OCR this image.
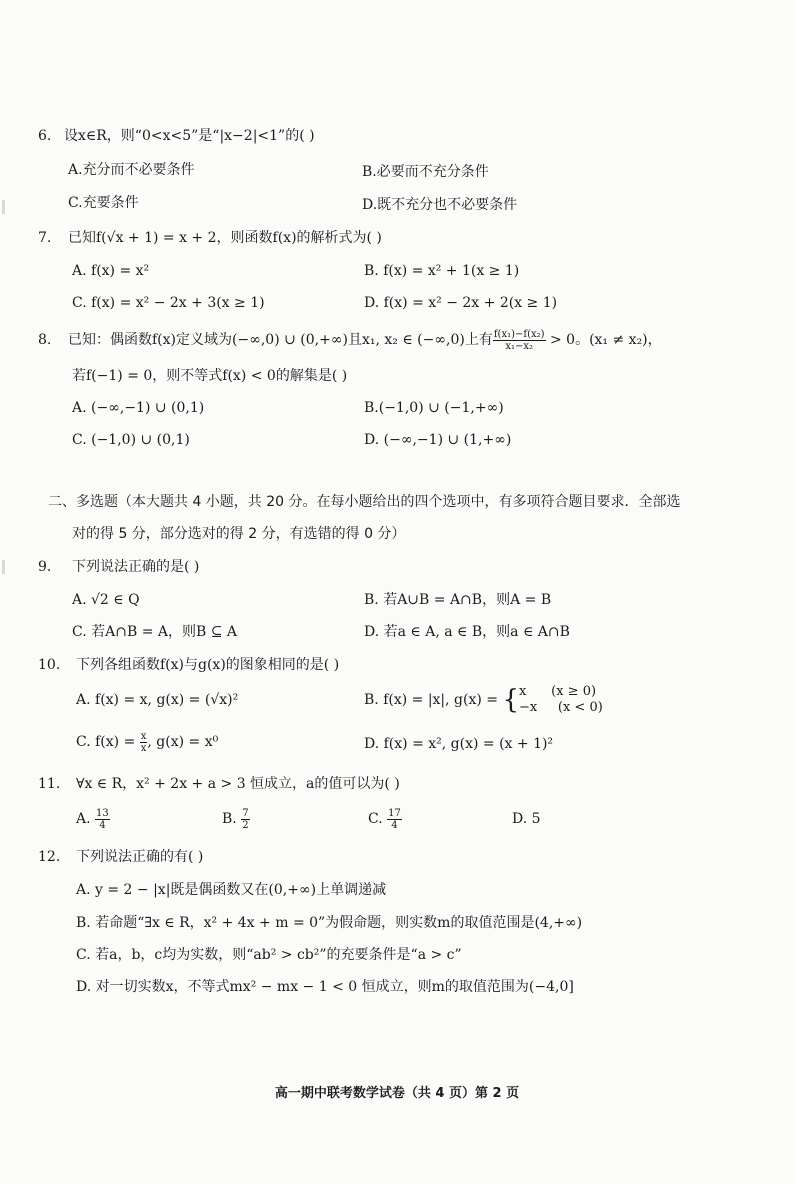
6. 设x∈R，则“0<x<5”是“|x−2|<1”的( )
A.充分而不必要条件	B.必要而不充分条件
C.充要条件	D.既不充分也不必要条件
7. 已知f(√x + 1) = x + 2，则函数f(x)的解析式为( )
A. f(x) = x²	B. f(x) = x² + 1(x ≥ 1)
C. f(x) = x² − 2x + 3(x ≥ 1)	D. f(x) = x² − 2x + 2(x ≥ 1)
8. 已知：偶函数f(x)定义域为(−∞,0) ∪ (0,+∞)且x₁, x₂ ∈ (−∞,0)上有 $\frac{\text{f(x₁)−f(x₂)}}{\text{x₁−x₂}} > 0$。(x₁ ≠ x₂)，
若f(−1) = 0，则不等式f(x) < 0的解集是( )
A. (−∞,−1) ∪ (0,1)	B.(−1,0) ∪ (−1,+∞)
C. (−1,0) ∪ (0,1)	D. (−∞,−1) ∪ (1,+∞)
二、多选题（本大题共 4 小题，共 20 分。在每小题给出的四个选项中，有多项符合题目要求．全部选
对的得 5 分，部分选对的得 2 分，有选错的得 0 分）
9. 下列说法正确的是( )
A. √2 ∈ Q	B. 若A∪B = A∩B，则A = B
C. 若A∩B = A，则B ⊆ A	D. 若a ∈ A, a ∈ B，则a ∈ A∩B
10. 下列各组函数f(x)与g(x)的图象相同的是( )
A. f(x) = x, g(x) = (√x)²	B. f(x) = |x|, g(x) = { x      (x ≥ 0)
−x     (x < 0)
C. $f(x) = \frac{x}{x}$ , g(x) = x⁰	D. f(x) = x², g(x) = (x + 1)²
11. ∀x ∈ R，x² + 2x + a > 3 恒成立，a的值可以为( )
A. $\frac{13}{4}$	B. $\frac{7}{2}$	C. $\frac{17}{4}$	D. 5
12. 下列说法正确的有( )
A. y = 2 − |x|既是偶函数又在(0,+∞)上单调递减
B. 若命题“∃x ∈ R，x² + 4x + m = 0”为假命题，则实数m的取值范围是(4,+∞)
C. 若a，b，c均为实数，则“ab² > cb²”的充要条件是“a > c”
D. 对一切实数x，不等式mx² − mx − 1 < 0 恒成立，则m的取值范围为(−4,0]
高一期中联考数学试卷（共 4 页）第 2 页
